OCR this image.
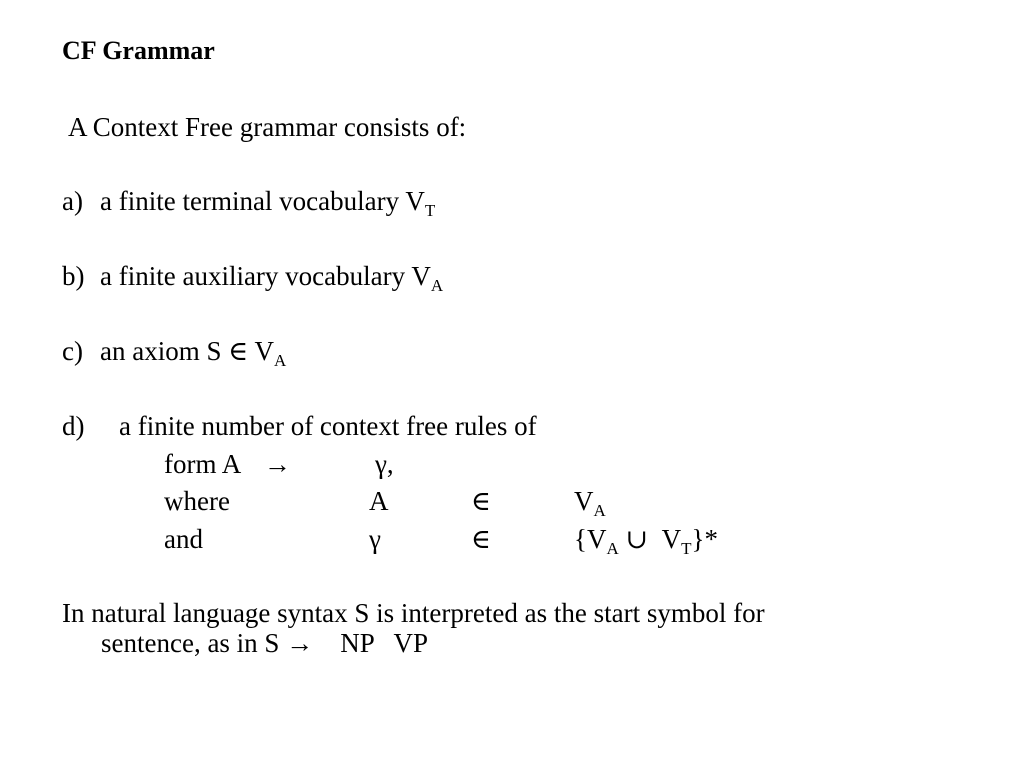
CF Grammar
A Context Free grammar consists of:
a) a finite terminal vocabulary $V_T$
b) a finite auxiliary vocabulary $V_A$
c) an axiom S ∈ $V_A$
d) a finite number of context free rules of
form A →	γ,
where	A	∈	$V_A$
and	γ	∈	{$V_A$ ∪ $V_T\}*$
In natural language syntax S is interpreted as the start symbol for
sentence, as in S →    NP   VP
